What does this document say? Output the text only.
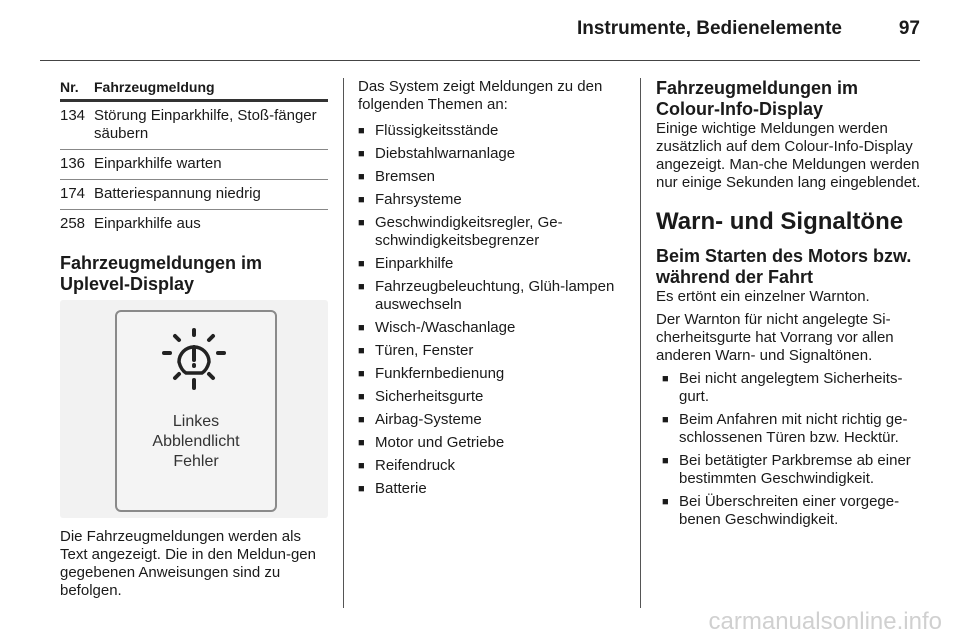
Instrumente, Bedienelemente	97
Nr.	Fahrzeugmeldung
134 Störung Einparkhilfe, Stoß-fänger säubern
136 Einparkhilfe warten
174 Batteriespannung niedrig
258 Einparkhilfe aus
Fahrzeugmeldungen im Uplevel-Display
Linkes
Abblendlicht
Fehler

Die Fahrzeugmeldungen werden als Text angezeigt. Die in den Meldun-gen gegebenen Anweisungen sind zu befolgen.

Das System zeigt Meldungen zu den folgenden Themen an:

■ Flüssigkeitsstände
■ Diebstahlwarnanlage
■ Bremsen
■ Fahrsysteme
■ Geschwindigkeitsregler, Ge-schwindigkeitsbegrenzer
■ Einparkhilfe
■ Fahrzeugbeleuchtung, Glüh-lampen auswechseln
■ Wisch-/Waschanlage
■ Türen, Fenster
■ Funkfernbedienung
■ Sicherheitsgurte
■ Airbag-Systeme
■ Motor und Getriebe
■ Reifendruck
■ Batterie
Fahrzeugmeldungen im Colour-Info-Display

Einige wichtige Meldungen werden zusätzlich auf dem Colour-Info-Display angezeigt. Man-che Meldungen werden nur einige Sekunden lang eingeblendet.

Warn- und Signaltöne
Beim Starten des Motors bzw. während der Fahrt

Es ertönt ein einzelner Warnton.

Der Warnton für nicht angelegte Si-cherheitsgurte hat Vorrang vor allen anderen Warn- und Signaltönen.

■ Bei nicht angelegtem Sicherheits-gurt.
■ Beim Anfahren mit nicht richtig ge-schlossenen Türen bzw. Hecktür.
■ Bei betätigter Parkbremse ab einer bestimmten Geschwindigkeit.
■ Bei Überschreiten einer vorgege-benen Geschwindigkeit.
carmanualsonline.info
